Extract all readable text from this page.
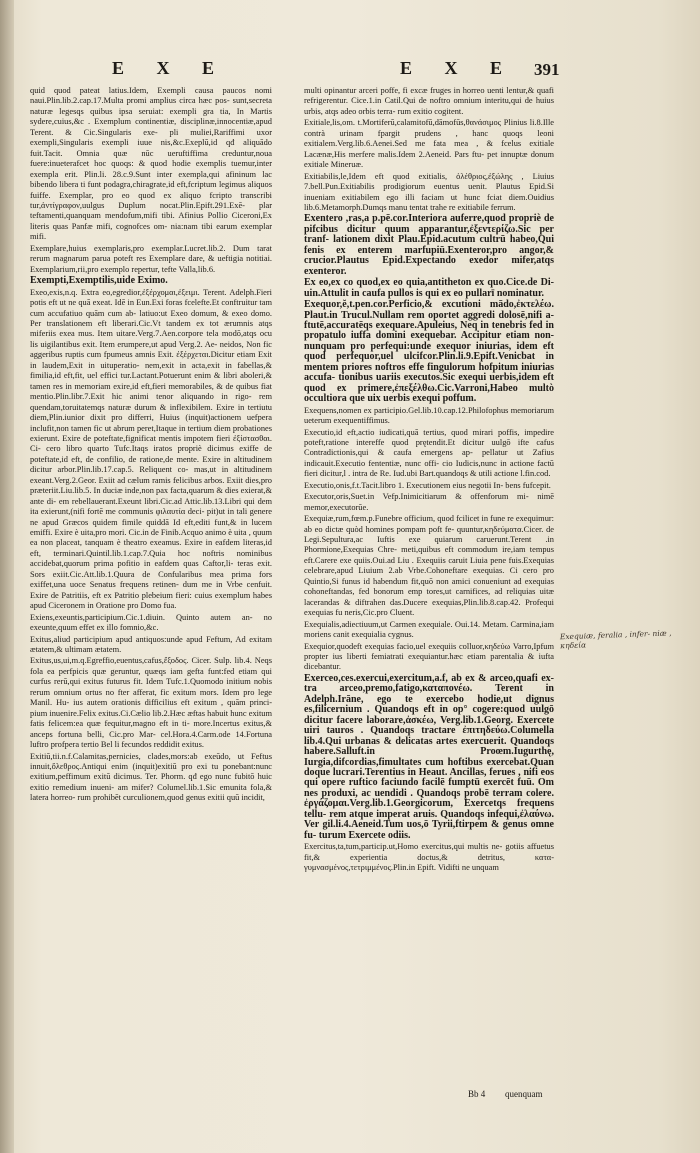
E X E	E X E 391

quid quod pateat latius.Idem, Exempli causa paucos nomi naui.Plin.lib.2.cap.17.Multa promi amplius circa hæc pos- sunt,secreta naturæ legesqs quibus ipsa seruiat: exempli gra tia, In Martis sydere,cuius,&c . Exemplum continentiæ, disciplinæ,innocentiæ,apud Terent. & Cic.Singularis exe- pli muliei,Rariffimi uxor exempli,Singularis exempli iuue nis,&c.Exeplū,id qđ aliquādo fuit.Tacit. Omnia quæ nūc ueruftiffima creduntur,noua fuere:inueterafcet hoc quoqs: & quod hodie exemplis tuemur,inter exempla erit. Plin.li. 28.c.9.Sunt inter exempla,qui afininum lac bibendo libera ti funt podagra,chiragrate,id eft,fcriptum legimus aliquos fuiffe. Exemplar, pro eo quod ex aliquo fcripto transcribi tur,ἀντίγραφον,uulgus Duplum nocat.Plin.Epift.291.Exē- plar teftamenti,quanquam mendofum,mifi tibi. Afinius Pollio Ciceroni,Ex literis quas Panfæ mifi, cognofces om- nia:nam tibi earum exemplar mifi.

Exemplare,huius exemplaris,pro exemplar.Lucret.lib.2. Dum tarat rerum magnarum parua poteft res Exemplare dare, & ueftigia notitiai. Exemplarium,rii,pro exemplo repertur, tefte Valla,lib.6.

Exempti,Exemptilis,uide Eximo.

Exeo,exis,n.q. Extra eo,egredior,ἐξέρχομαι,ἐξειμι. Terent. Adelph.Fieri potis eft ut ne quā exeat. Idē in Eun.Exi foras fcelefte.Et conftruitur tam cum accufatiuo quām cum ab- latiuo:ut Exeo domum, & exeo domo. Per translationem eft liberari.Cic.Vt tandem ex tot ærumnis atqs miferiis exea mus. Item uitare.Verg.7.Aen.corpore tela modō,atqs ocu lis uigilantibus exit. Item erumpere,ut apud Verg.2. Ae- neidos, Non fic aggeribus ruptis cum fpumeus amnis Exit. ἐξέρχεται.Dicitur etiam Exit in laudem,Exit in uituperatio- nem,exit in acta,exit in fabellas,& fimilia,id eft,fit, uel effici tur.Lactant.Potuerunt enim & libri aboleri,& tamen res in memoriam exire,id eft,fieri memorabiles, & de quibus fiat mentio.Plin.libr.7.Exit hic animi tenor aliquando in rigo- rem quendam,toruitatemqs naturæ durum & inflexibilem. Exire in tertiutu diem,Plin.iunior dixit pro differri, Huius (inquit)actionem uefpera inclufit,non tamen fic ut abrum peret,Itaque in tertium diem probationes exierunt. Exire de poteftate,fignificat mentis impotem fieri ἐξίστασθαι. Ci- cero libro quarto Tufc.Itaqs iratos propriè dicimus exiffe de poteftate,id eft, de confilio, de ratione,de mente. Exire in altitudinem dicitur arbor.Plin.lib.17.cap.5. Reliquent co- mas,ut in altitudinem exeant.Verg.2.Geor. Exiit ad cælum ramis felicibus arbos. Exiit dies,pro præteriit.Liu.lib.5. In duciæ inde,non pax facta,quarum & dies exierat,& ante di- em rebellauerant.Exeunt libri.Cic.ad Attic.lib.13.Libri qui dem ita exierunt,(nifi fortē me communis φιλαυτία deci- pit)ut in tali genere ne apud Græcos quidem fimile quiddā Id eft,editi funt,& in lucem emiffi. Exire è uita,pro mori. Cic.in de Finib.Acquo animo è uita , quum ea non placeat, tanquam è theatro exeamus. Exire in eafdem literas,id eft, terminari.Quintil.lib.1.cap.7.Quia hoc noftris nominibus accidebat,quorum prima pofitio in eafdem quas Caftor,li- teras exit. Sors exiit.Cic.Att.lib.1.Quura de Confularibus mea prima fors exiffet,una uoce Senatus frequens retinen- dum me in Vrbe cenfuit. Exire de Patritiis, eft ex Patritio plebeium fieri: cuius exemplum habes apud Ciceronem in Oratione pro Domo fua.

Exiens,exeuntis,participium.Cic.1.diuin. Quinto autem an- no exeunte,quum effet ex illo fomnio,&c.

Exitus,aliud participium apud antiquos:unde apud Feftum, Ad exitam ætatem,& ultimam ætatem.

Exitus,us,ui,m.q.Egreffio,euentus,cafus,ἔξοδος. Cicer. Sulp. lib.4. Neqs fola ea perfpicis quæ geruntur, quæqs iam gefta funt:fed etiam qui curfus rerū,qui exitus futurus fit. Idem Tufc.1.Quomodo initium nobis rerum omnium ortus no fter afferat, fic exitum mors. Idem pro lege Manil. Hu- ius autem orationis difficilius eft exitum , quām princi- pium inuenire.Felix exitus.Ci.Cælio lib.2.Hæc æftas habuit hunc exitum fatis felicem:ea quæ fequitur,magno eft in ti- more.Incertus exitus,& anceps fortuna belli, Cic.pro Mar- cel.Hora.4.Carm.ode 14.Fortuna luftro profpera tertio Bel li fecundos reddidit exitus.

Exitiū,tii.n.f.Calamitas,pernicies, clades,mors:ab exeūdo, ut Feftus innuit,ὄλεθρος.Antiqui enim (inquit)exitiū pro exi tu ponebant:nunc exitium,peffimum exitū dicimus. Ter. Phorm. qđ ego nunc fubitō huic exitio remedium inueni- am mifer? Columel.lib.1.Sic emunita fola,& latera horreo- rum prohibēt curculionem,quod genus exitii quū incidit,

multi opinantur arceri poffe, fi excæ fruges in horreo uenti lentur,& quafi refrigerentur. Cice.1.in Catil.Qui de noftro omnium interitu,qui de huius urbis, atqs adeo orbis terra- rum exitio cogitent.

Exitiale,lis,om. t.Mortiferū,calamitofū,dāmofūs,θανάσιμος Plinius li.8.Ille contrà urinam fpargit prudens , hanc quoqs leoni exitialem.Verg.lib.6.Aenei.Sed me fata mea , & fcelus exitiale Lacænæ,His merfere malis.Idem 2.Aeneid. Pars ftu- pet innuptæ donum exitiale Mineruæ.

Exitiabilis,le,Idem eft quod exitialis, ὀλέθριος,ἐξώλης , Liuius 7.bell.Pun.Exitiabilis prodigiorum euentus uenit. Plautus Epid.Si inueniam exitiabilem ego illi faciam ut hunc fciat diem.Ouidius lib.6.Metamorph.Dumqs manu tentat trahe re exitiabile ferrum.

Exentero ,ras,a p.pē.cor.Interiora auferre,quod propriè de pifcibus dicitur quum apparantur,ἐξεντερίζω.Sic per tranf- lationem dixit Plau.Epid.acutum cultrū habeo,Qui fenis ex enterem marfupiū.Exenteror,pro angor,& crucior.Plautus Epid.Expectando exedor mifer,atqs exenteror.

Ex eo,ex co quod,ex eo quia,antitheton ex quo.Cice.de Di- uin.Attulit in caufa pullos is qui ex eo pullarī nominatur.

Exequor,ĕ,t.pen.cor.Perficio,& excutioni mādo,ἐκτελέω. Plaut.in Trucul.Nullam rem oportet aggredi dolosē,nifi a- ftutē,accuratēqs exequare.Apuleius, Neq in tenebris fed in propatulo iuffa domini exequebar. Accipitur etiam non- nunquam pro perfequi:unde exequor iniurias, idem eft quod perfequor,uel ulcifcor.Plin.li.9.Epift.Venicbat in mentem priores noftros effe fingulorum hofpitum iniurias accufa- tionibus uariis executos.Sic exequi uerbis,idem eft quod ex primere,ἐπεξέλθω.Cic.Varroni,Habeo multò occultiora que uix uerbis exequi poffum.

Exequens,nomen ex participio.Gel.lib.10.cap.12.Philofophus memoriarum ueterum exequentiffimus.

Executio,id eft,actio iudicati,quā tertius, quod mirari poffis, impedire poteft,ratione intereffe quod prętendit.Et dicitur uulgō ifte cafus Contradictionis,qui & caufa emergens ap- pellatur ut Zafius indicauit.Executio fententiæ, nunc offi- cio Iudicis,nunc in actione factū fieri dicitur,l . intra de Re. Iud.ubi Bart.quandoqs & utili actione l.fin.cod.

Executio,onis,f.t.Tacit.libro 1. Executionem eius negotii In- bens fufcepit.

Executor,oris,Suet.in Vefp.Inimicitiarum & offenforum mi- nimē memor,executorūe.

Exequiæ,rum,fœm.p.Funebre officium, quod fcilicet in fune re exequimur: ab eo dictæ quòd homines pompam poft fe- quuntur,κηδεύματα.Cicer. de Legi.Sepultura,ac Iuftis exe quiarum caruerunt.Terent .in Phormione,Exequias Chre- meti,quibus eft commodum ire,iam tempus eft.Carere exe quiis.Oui.ad Liu . Exequiis caruit Liuia pene fuis.Exequias celebrare,apud Liuium 2.ab Vrbe.Cohoneftare exequias. Ci cero pro Quintio,Si funus id habendum fit,quō non amici conueniunt ad exequias cohoneftandas, fed bonorum emp tores,ut carnifices, ad reliquias uitæ lacerandas & diftrahen das.Ducere exequias,Plin.lib.8.cap.42. Profequi exequias fu neris,Cic.pro Cluent.

Exequialis,adiectiuum,ut Carmen exequiale. Oui.14. Metam. Carmina,iam moriens canit exequialia cygnus.

Exequior,quodeft exequias facio,uel exequiis colluor,κηδεύω Varro,Ipfum propter ius liberti femiatrati exequiantur.hæc etiam parentalia & iufta dicebantur.

Exerceo,ces.exercui,exercitum,a.f, ab ex & arceo,quafi ex- tra arceo,premo,fatigo,καταπονέω. Terent in Adelph.Irāne, ego te exercebo hodie,ut dignus es,filicernium . Quandoqs eft in op° cogere:quod uulgō dicitur facere laborare,ἀσκέω, Verg.lib.1.Georg. Exercete uiri tauros . Quandoqs tractare ἐπιτηδεύω.Columella lib.4.Qui urbanas & delicatas artes exercuerit. Quandoqs habere.Salluft.in Proœm.Iugurthę, Iurgia,difcordias,fimultates cum hoftibus exercebat.Quan doque lucrari.Terentius in Heaut. Ancillas, ferues , nifi eos qui opere ruftico faciundo facilē fumptū exercēt fuū. Om nes produxi, ac uendidi . Quandoqs probē terram colere. ἐργάζομαι.Verg.lib.1.Georgicorum, Exercetqs frequens tellu- rem atque imperat aruis. Quandoqs infequi,ἐλαύνω. Ver gil.li.4.Aeneid.Tum uos,ō Tyrii,ftirpem & genus omne fu- turum Exercete odiis.

Exercitus,ta,tum,particip.ut,Homo exercitus,qui multis ne- gotiis affuetus fit,& experientia doctus,& detritus, κατα- γυμνασμένος,τετριμμένος.Plin.in Epift. Vidifti ne unquam

Exequiæ, feralia , infer- niæ , κηδεία
Bb 4 quenquam
